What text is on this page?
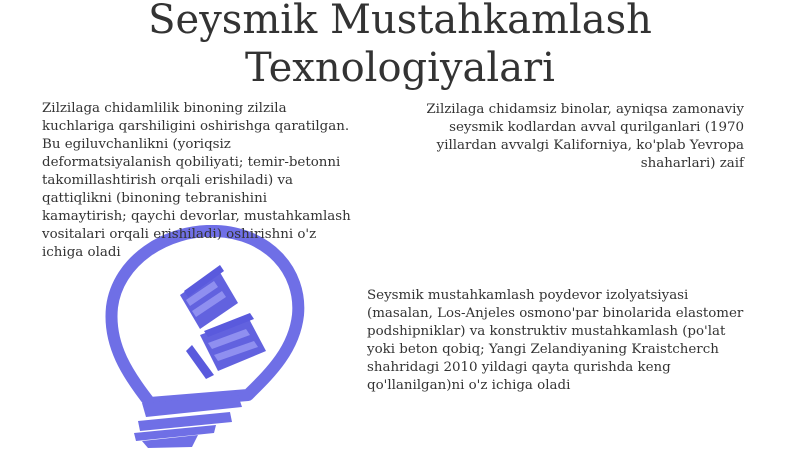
Seysmik Mustahkamlash
Texnologiyalari

Zilzilaga chidamlilik binoning zilzila kuchlariga qarshiligini oshirishga qaratilgan. Bu egiluvchanlikni (yoriqsiz deformatsiyalanish qobiliyati; temir-betonni takomillashtirish orqali erishiladi) va qattiqlikni (binoning tebranishini kamaytirish; qaychi devorlar, mustahkamlash vositalari orqali erishiladi) oshirishni o'z ichiga oladi

Zilzilaga chidamsiz binolar, ayniqsa zamonaviy seysmik kodlardan avval qurilganlari (1970 yillardan avvalgi Kaliforniya, ko'plab Yevropa shaharlari) zaif

Seysmik mustahkamlash poydevor izolyatsiyasi (masalan, Los-Anjeles osmono'par binolarida elastomer podshipniklar) va konstruktiv mustahkamlash (po'lat yoki beton qobiq; Yangi Zelandiyaning Kraistcherch shahridagi 2010 yildagi qayta qurishda keng qo'llanilgan)ni o'z ichiga oladi
